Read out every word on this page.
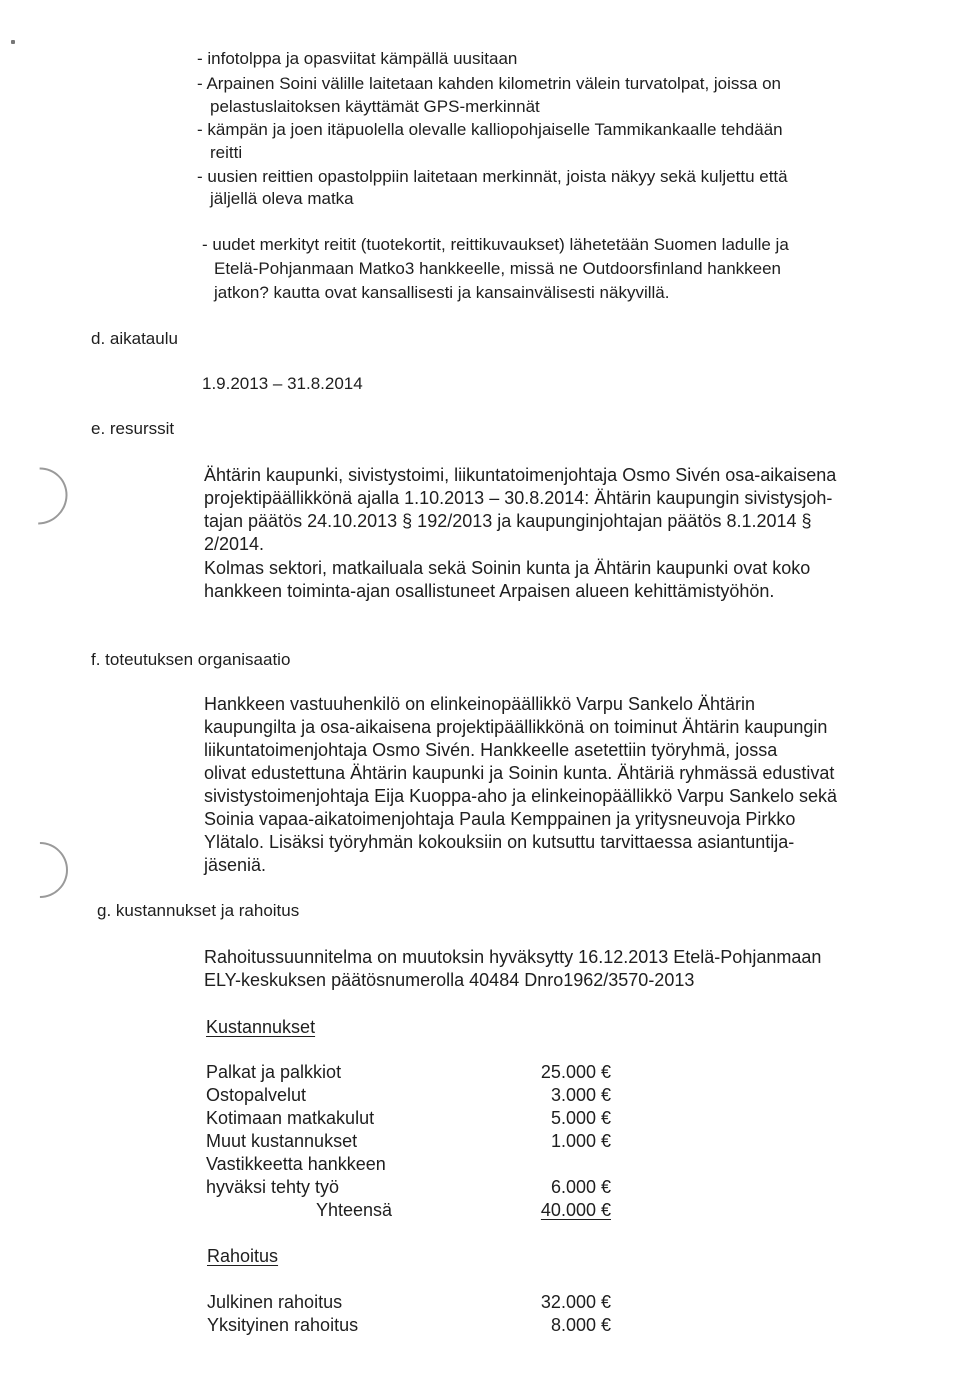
- infotolppa ja opasviitat kämpällä uusitaan
- Arpainen Soini välille laitetaan kahden kilometrin välein turvatolpat, joissa on
pelastuslaitoksen käyttämät GPS-merkinnät
- kämpän ja joen itäpuolella olevalle kalliopohjaiselle Tammikankaalle tehdään
reitti
- uusien reittien opastolppiin laitetaan merkinnät, joista näkyy sekä kuljettu että
jäljellä oleva matka
- uudet merkityt reitit (tuotekortit, reittikuvaukset) lähetetään Suomen ladulle ja
Etelä-Pohjanmaan Matko3 hankkeelle, missä ne Outdoorsfinland hankkeen
jatkon? kautta ovat kansallisesti ja kansainvälisesti näkyvillä.
d. aikataulu
1.9.2013 – 31.8.2014
e. resurssit
Ähtärin kaupunki, sivistystoimi, liikuntatoimenjohtaja Osmo Sivén osa-aikaisena
projektipäällikkönä ajalla 1.10.2013 – 30.8.2014: Ähtärin kaupungin sivistysjoh-
tajan päätös 24.10.2013 § 192/2013 ja kaupunginjohtajan päätös 8.1.2014 §
2/2014.
Kolmas sektori, matkailuala sekä Soinin kunta ja Ähtärin kaupunki ovat koko
hankkeen toiminta-ajan osallistuneet Arpaisen alueen kehittämistyöhön.
f. toteutuksen organisaatio
Hankkeen vastuuhenkilö on elinkeinopäällikkö Varpu Sankelo Ähtärin
kaupungilta ja osa-aikaisena projektipäällikkönä on toiminut Ähtärin kaupungin
liikuntatoimenjohtaja Osmo Sivén. Hankkeelle asetettiin työryhmä, jossa
olivat edustettuna Ähtärin kaupunki ja Soinin kunta. Ähtäriä ryhmässä edustivat
sivistystoimenjohtaja Eija Kuoppa-aho ja elinkeinopäällikkö Varpu Sankelo sekä
Soinia vapaa-aikatoimenjohtaja Paula Kemppainen ja yritysneuvoja Pirkko
Ylätalo. Lisäksi työryhmän kokouksiin on kutsuttu tarvittaessa asiantuntija-
jäseniä.
g. kustannukset ja rahoitus
Rahoitussuunnitelma on muutoksin hyväksytty 16.12.2013 Etelä-Pohjanmaan
ELY-keskuksen päätösnumerolla 40484 Dnro1962/3570-2013
Kustannukset
Palkat ja palkkiot	25.000 €
Ostopalvelut	3.000 €
Kotimaan matkakulut	5.000 €
Muut kustannukset	1.000 €
Vastikkeetta hankkeen
hyväksi tehty työ	6.000 €
Yhteensä	40.000 €
Rahoitus
Julkinen rahoitus	32.000 €
Yksityinen rahoitus	8.000 €
